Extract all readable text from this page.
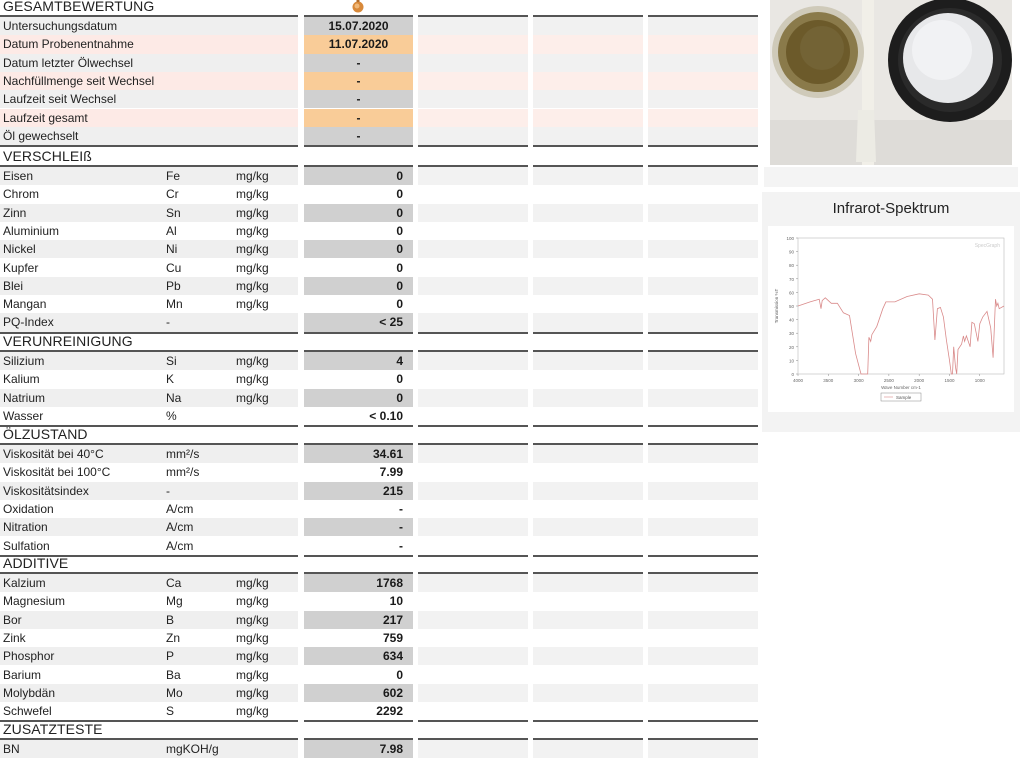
GESAMTBEWERTUNG
Untersuchungsdatum	15.07.2020
Datum Probenentnahme	11.07.2020
Datum letzter Ölwechsel	-
Nachfüllmenge seit Wechsel	-
Laufzeit seit Wechsel	-
Laufzeit gesamt	-
Öl gewechselt	-
VERSCHLEIß
Eisen	Fe	mg/kg	0
Chrom	Cr	mg/kg	0
Zinn	Sn	mg/kg	0
Aluminium	Al	mg/kg	0
Nickel	Ni	mg/kg	0
Kupfer	Cu	mg/kg	0
Blei	Pb	mg/kg	0
Mangan	Mn	mg/kg	0
PQ-Index	-	< 25
VERUNREINIGUNG
Silizium	Si	mg/kg	4
Kalium	K	mg/kg	0
Natrium	Na	mg/kg	0
Wasser	%	< 0.10
ÖLZUSTAND
Viskosität bei 40°C	mm²/s	34.61
Viskosität bei 100°C	mm²/s	7.99
Viskositätsindex	-	215
Oxidation	A/cm	-
Nitration	A/cm	-
Sulfation	A/cm	-
ADDITIVE
Kalzium	Ca	mg/kg	1768
Magnesium	Mg	mg/kg	10
Bor	B	mg/kg	217
Zink	Zn	mg/kg	759
Phosphor	P	mg/kg	634
Barium	Ba	mg/kg	0
Molybdän	Mo	mg/kg	602
Schwefel	S	mg/kg	2292
ZUSATZTESTE
BN	mgKOH/g	7.98
Infrarot-Spektrum
0
10
20
30
40
50
60
70
80
90
100
4000	3500	3000	2500	2000	1500	1000
Transmission %T
Wave Number cm-1
SpecGraph
Sample
